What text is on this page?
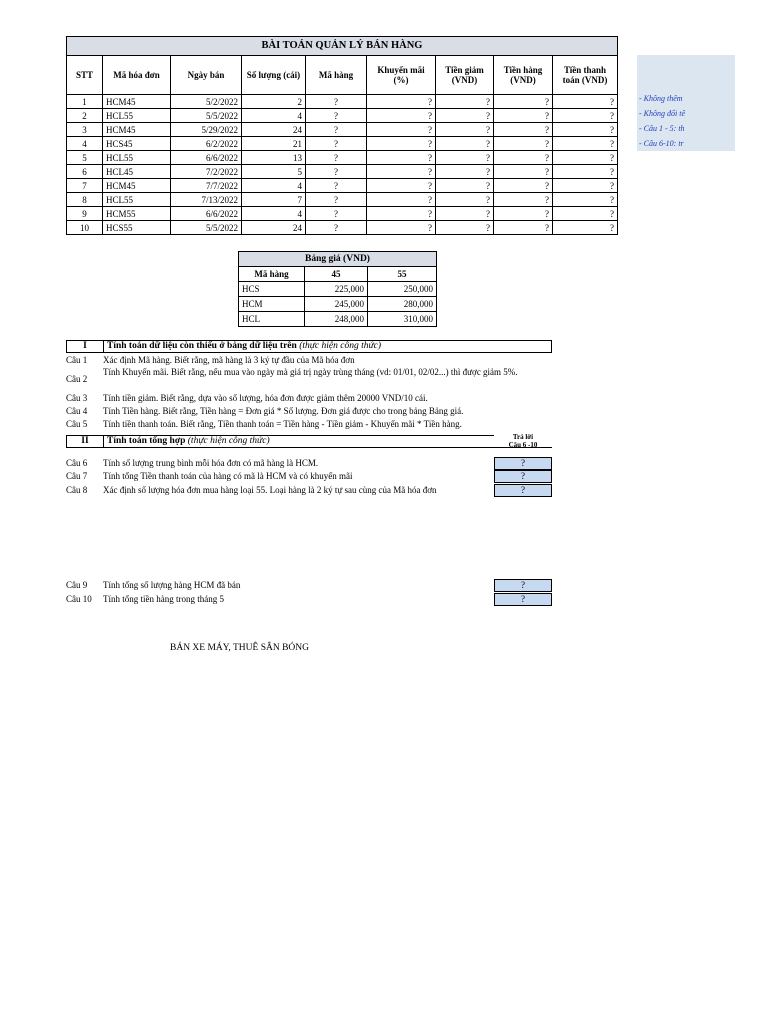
BÀI TOÁN QUẢN LÝ BÁN HÀNG								
STT	Mã hóa đơn	Ngày bán	Số lượng (cái)	Mã hàng	Khuyến mãi (%)	Tiền giảm (VND)	Tiền hàng (VND)	Tiền thanh toán (VND)
1	HCM45	5/2/2022	2	?	?	?	?	?
2	HCL55	5/5/2022	4	?	?	?	?	?
3	HCM45	5/29/2022	24	?	?	?	?	?
4	HCS45	6/2/2022	21	?	?	?	?	?
5	HCL55	6/6/2022	13	?	?	?	?	?
6	HCL45	7/2/2022	5	?	?	?	?	?
7	HCM45	7/7/2022	4	?	?	?	?	?
8	HCL55	7/13/2022	7	?	?	?	?	?
9	HCM55	6/6/2022	4	?	?	?	?	?
10	HCS55	5/5/2022	24	?	?	?	?	?
- Không thêm
- Không đổi tê
- Câu 1 - 5: th
- Câu 6-10: tr
Bảng giá (VND)		
Mã hàng	45	55
HCS	225,000	250,000
HCM	245,000	280,000
HCL	248,000	310,000
I	Tính toán dữ liệu còn thiếu ở bảng dữ liệu trên (thực hiện công thức)
Câu 1	Xác định Mã hàng. Biết rằng, mã hàng là 3 ký tự đầu của Mã hóa đơn
Câu 2
Tính Khuyến mãi. Biết rằng, nếu mua vào ngày mà giá trị ngày trùng tháng (vd: 01/01, 02/02...) thì được giảm 5%.
Câu 3	Tính tiền giảm. Biết rằng, dựa vào số lượng, hóa đơn được giảm thêm 20000 VND/10 cái.
Câu 4	Tính Tiền hàng. Biết rằng, Tiền hàng = Đơn giá * Số lượng. Đơn giá được cho trong bảng Bảng giá.
Câu 5	Tính tiền thanh toán. Biết rằng, Tiền thanh toán = Tiền hàng - Tiền giảm - Khuyến mãi * Tiền hàng.
II	Tính toán tổng hợp (thực hiện công thức)	Trả lời
Câu 6 -10
Câu 6	Tính số lượng trung bình mỗi hóa đơn có mã hàng là HCM.	?
Câu 7	Tính tổng Tiền thanh toán của hàng có mã là HCM và có khuyến mãi	?
Câu 8	Xác định số lượng hóa đơn mua hàng loại 55. Loại hàng là 2 ký tự sau cùng của Mã hóa đơn	?
Câu 9	Tính tổng số lượng hàng HCM đã bán	?
Câu 10	Tính tổng tiền hàng trong tháng 5	?
BÁN XE MÁY, THUÊ SÂN BÓNG
